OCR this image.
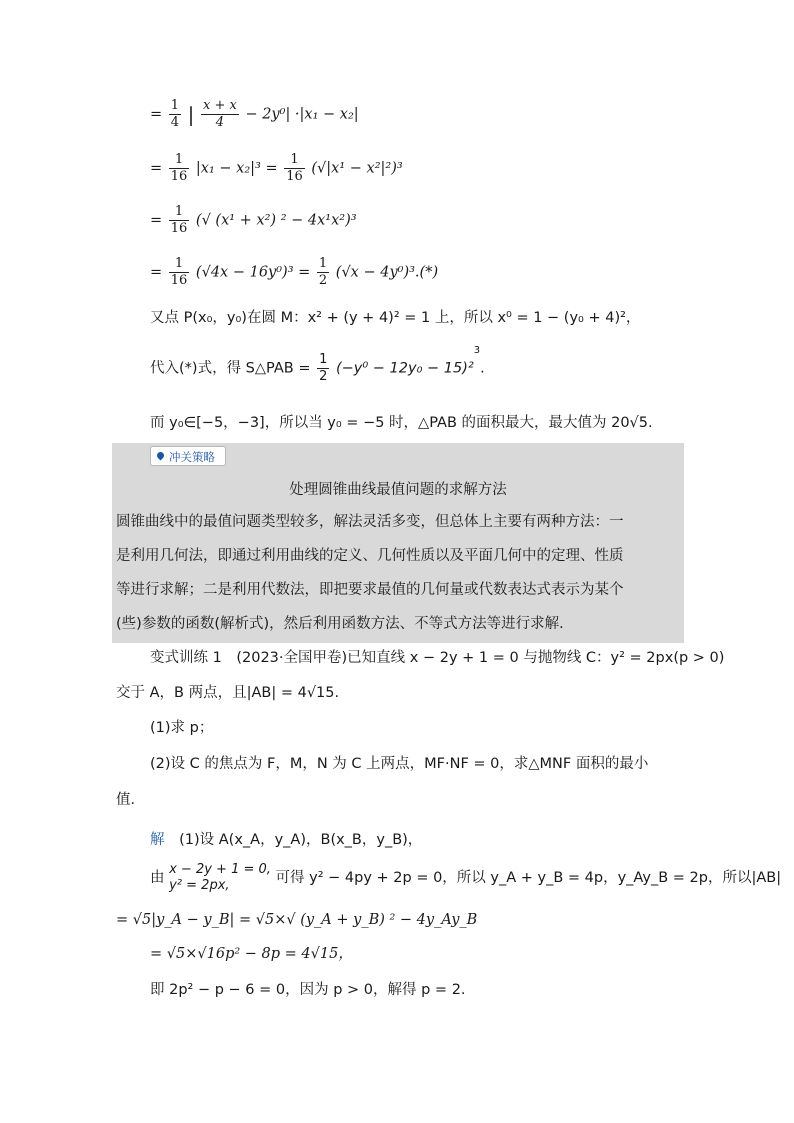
= $\frac{1}{4}$ | $\frac{x + x}{4} - 2y^0| \cdot|x_1 - x_2|$
= $\frac{1}{16} |x_1 - x_2|^3 = \frac{1}{16} (√|x^1 - x^2|^2)^3$
= $\frac{1}{16}$ (√ (x¹ + x²) ² − 4x¹x²)³
= $\frac{1}{16} (√4x - 16y^0)^3 = \frac{1}{2} (√x - 4y^0)^3.(*)$
又点 P(x₀，y₀)在圆 M：x² + (y + 4)² = 1 上，所以 x⁰ = 1 − (y₀ + 4)²，
代入(*)式，得 S△PAB = $\frac{1}{2} (-y^0 - 12y_0 - 15)^2^3$.
而 y₀∈[−5，−3]，所以当 y₀ = −5 时，△PAB 的面积最大，最大值为 20√5.
冲关策略
处理圆锥曲线最值问题的求解方法
圆锥曲线中的最值问题类型较多，解法灵活多变，但总体上主要有两种方法：一
是利用几何法，即通过利用曲线的定义、几何性质以及平面几何中的定理、性质
等进行求解；二是利用代数法，即把要求最值的几何量或代数表达式表示为某个
(些)参数的函数(解析式)，然后利用函数方法、不等式方法等进行求解．
变式训练 1　(2023·全国甲卷)已知直线 x − 2y + 1 = 0 与抛物线 C：y² = 2px(p > 0)
交于 A，B 两点，且|AB| = 4√15.
(1)求 p；
(2)设 C 的焦点为 F，M，N 为 C 上两点，MF·NF = 0，求△MNF 面积的最小
值．
解 (1)设 A(x_A，y_A)，B(x_B，y_B)，
由
x − 2y + 1 = 0,
y² = 2px,	可得 y² − 4py + 2p = 0，所以 y_A + y_B = 4p，y_Ay_B = 2p，所以|AB|
= √5|y_A − y_B| = √5×√ (y_A + y_B) ² − 4y_Ay_B
= √5×√16p² − 8p = 4√15，
即 2p² − p − 6 = 0，因为 p > 0，解得 p = 2.
